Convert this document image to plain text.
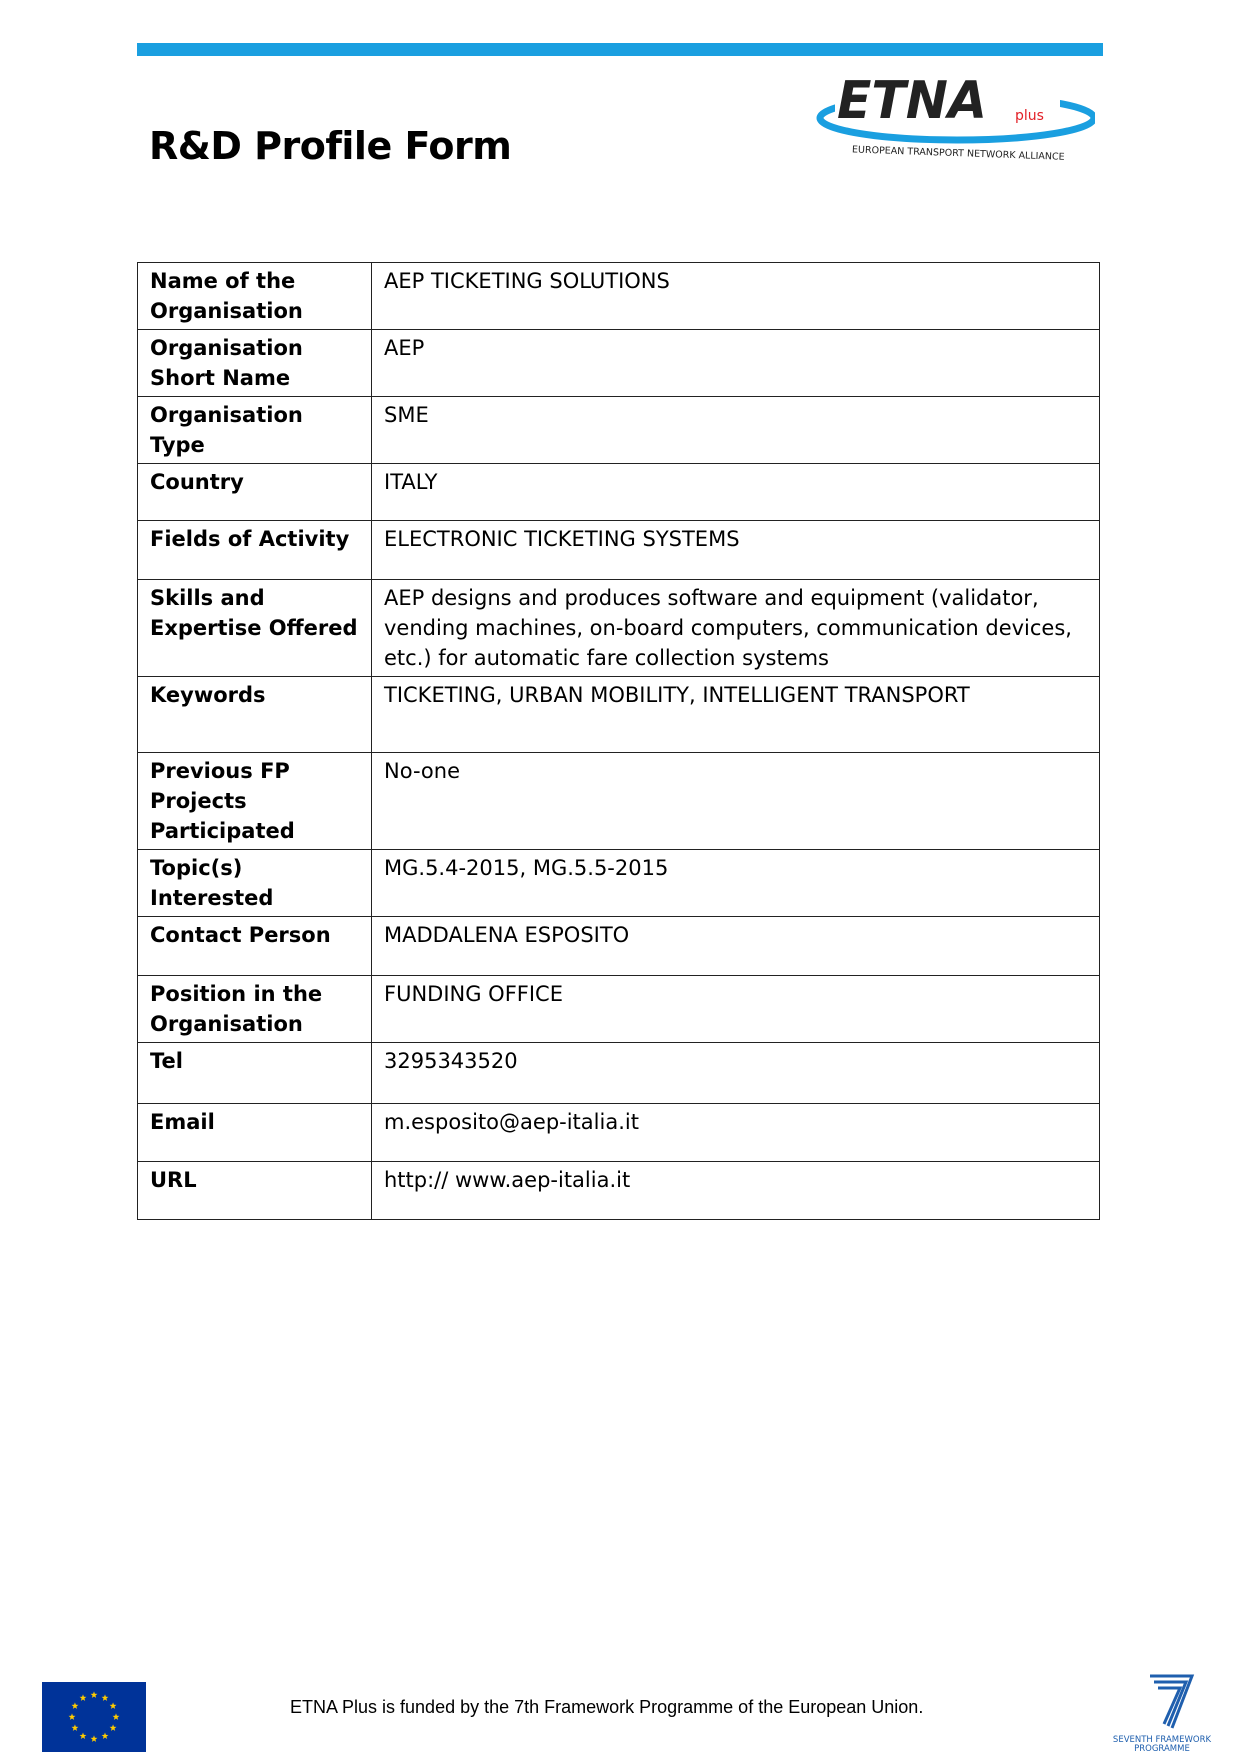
R&D Profile Form
ETNA plus
EUROPEAN TRANSPORT NETWORK ALLIANCE
Name of the Organisation	AEP TICKETING SOLUTIONS
Organisation Short Name	AEP
Organisation Type	SME
Country	ITALY
Fields of Activity	ELECTRONIC TICKETING SYSTEMS
Skills and Expertise Offered	AEP designs and produces software and equipment (validator, vending machines, on-board computers, communication devices, etc.) for automatic fare collection systems
Keywords	TICKETING, URBAN MOBILITY, INTELLIGENT TRANSPORT
Previous FP Projects Participated	No-one
Topic(s) Interested	MG.5.4-2015, MG.5.5-2015
Contact Person	MADDALENA ESPOSITO
Position in the Organisation	FUNDING OFFICE
Tel	3295343520
Email	m.esposito@aep-italia.it
URL	http:// www.aep-italia.it
ETNA Plus is funded by the 7th Framework Programme of the European Union.
SEVENTH FRAMEWORK
PROGRAMME
